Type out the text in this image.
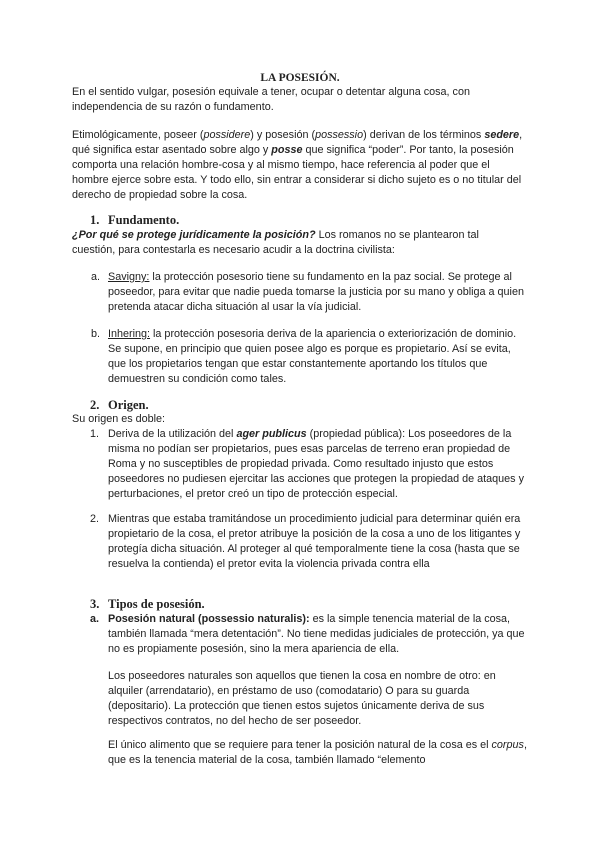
LA POSESIÓN.

En el sentido vulgar, posesión equivale a tener, ocupar o detentar alguna cosa, con independencia de su razón o fundamento.

Etimológicamente, poseer (possidere) y posesión (possessio) derivan de los términos sedere, qué significa estar asentado sobre algo y posse que significa “poder”. Por tanto, la posesión comporta una relación hombre-cosa y al mismo tiempo, hace referencia al poder que el hombre ejerce sobre esta. Y todo ello, sin entrar a considerar si dicho sujeto es o no titular del derecho de propiedad sobre la cosa.

1. Fundamento.

¿Por qué se protege jurídicamente la posición? Los romanos no se plantearon tal cuestión, para contestarla es necesario acudir a la doctrina civilista:

a. Savigny: la protección posesorio tiene su fundamento en la paz social. Se protege al poseedor, para evitar que nadie pueda tomarse la justicia por su mano y obliga a quien pretenda atacar dicha situación al usar la vía judicial.

b. Inhering: la protección posesoria deriva de la apariencia o exteriorización de dominio. Se supone, en principio que quien posee algo es porque es propietario. Así se evita, que los propietarios tengan que estar constantemente aportando los títulos que demuestren su condición como tales.

2. Origen.

Su origen es doble:

1. Deriva de la utilización del ager publicus (propiedad pública): Los poseedores de la misma no podían ser propietarios, pues esas parcelas de terreno eran propiedad de Roma y no susceptibles de propiedad privada. Como resultado injusto que estos poseedores no pudiesen ejercitar las acciones que protegen la propiedad de ataques y perturbaciones, el pretor creó un tipo de protección especial.

2. Mientras que estaba tramitándose un procedimiento judicial para determinar quién era propietario de la cosa, el pretor atribuye la posición de la cosa a uno de los litigantes y protegía dicha situación. Al proteger al qué temporalmente tiene la cosa (hasta que se resuelva la contienda) el pretor evita la violencia privada contra ella

3. Tipos de posesión.
a. Posesión natural (possessio naturalis): es la simple tenencia material de la cosa, también llamada “mera detentación”. No tiene medidas judiciales de protección, ya que no es propiamente posesión, sino la mera apariencia de ella.

Los poseedores naturales son aquellos que tienen la cosa en nombre de otro: en alquiler (arrendatario), en préstamo de uso (comodatario) O para su guarda (depositario). La protección que tienen estos sujetos únicamente deriva de sus respectivos contratos, no del hecho de ser poseedor.

El único alimento que se requiere para tener la posición natural de la cosa es el corpus, que es la tenencia material de la cosa, también llamado “elemento
